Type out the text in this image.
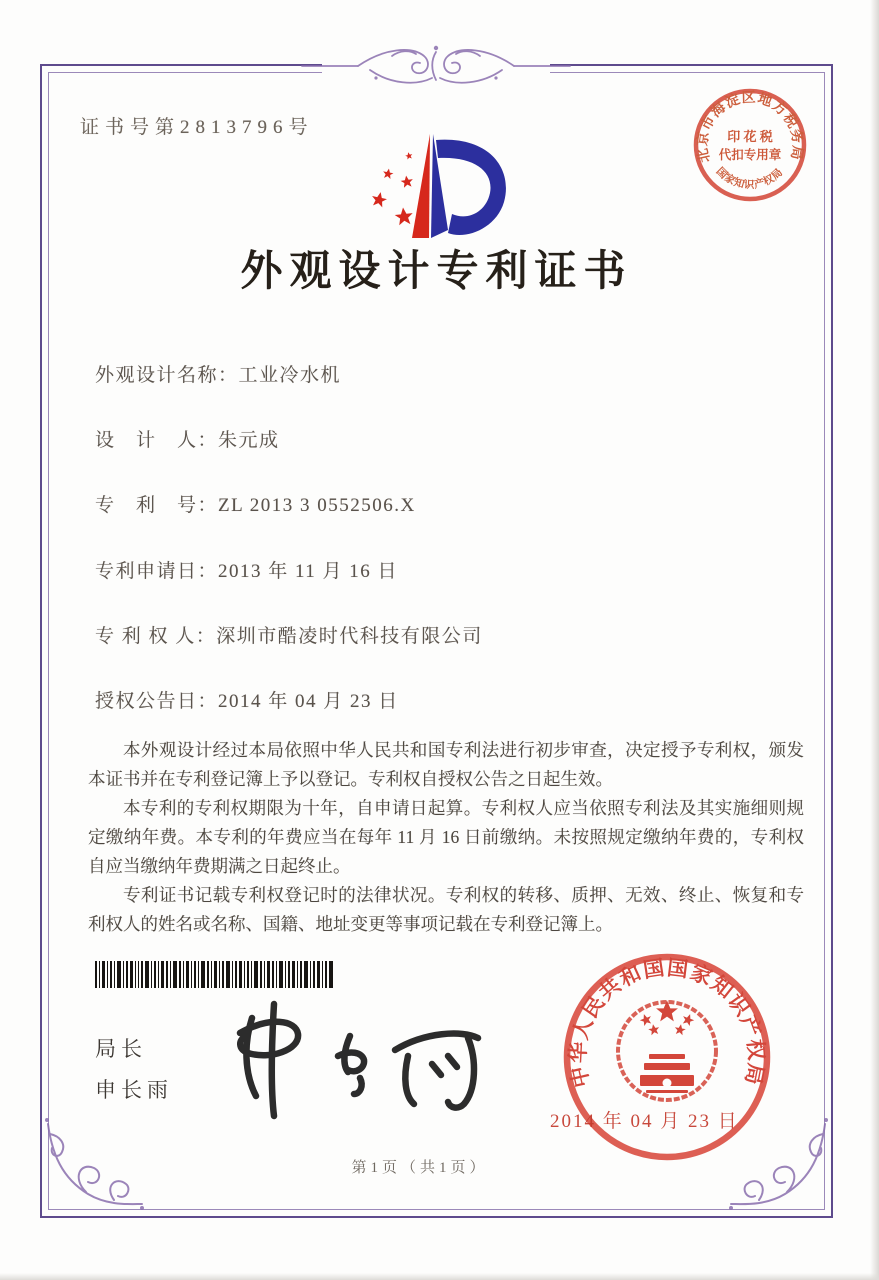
证书号第2813796号
外观设计专利证书
北京市海淀区地方税务局
国家知识产权局
印 花 税
代扣专用章
外观设计名称：工业冷水机
设　计　人：朱元成
专　利　号：ZL 2013 3 0552506.X
专利申请日：2013 年 11 月 16 日
专 利 权 人：深圳市酷凌时代科技有限公司
授权公告日：2014 年 04 月 23 日

本外观设计经过本局依照中华人民共和国专利法进行初步审查，决定授予专利权，颁发本证书并在专利登记簿上予以登记。专利权自授权公告之日起生效。

本专利的专利权期限为十年，自申请日起算。专利权人应当依照专利法及其实施细则规定缴纳年费。本专利的年费应当在每年 11 月 16 日前缴纳。未按照规定缴纳年费的，专利权自应当缴纳年费期满之日起终止。

专利证书记载专利权登记时的法律状况。专利权的转移、质押、无效、终止、恢复和专利权人的姓名或名称、国籍、地址变更等事项记载在专利登记簿上。

局长
申长雨
中华人民共和国国家知识产权局
2014 年 04 月 23 日
第1页（共1页）
